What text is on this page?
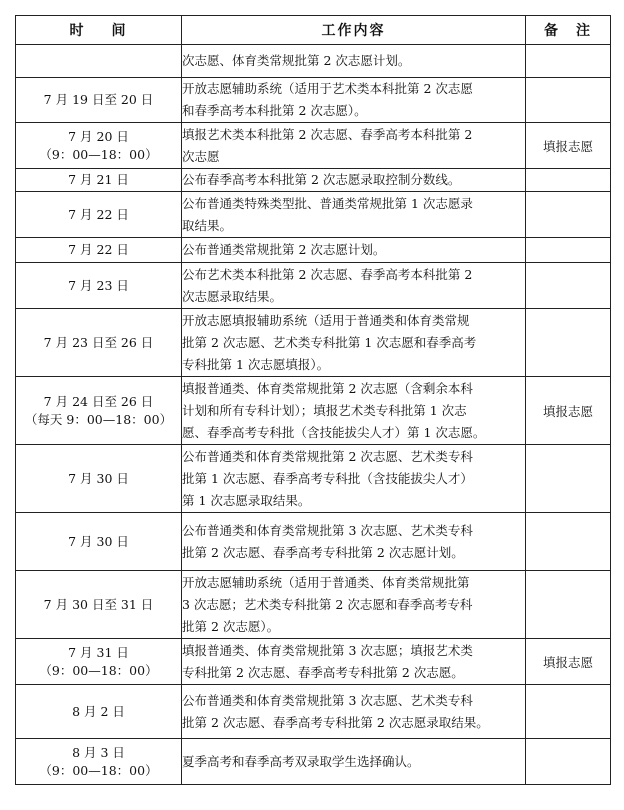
时 间	工作内容	备　注

	次志愿、体育类常规批第 2 次志愿计划。	

7 月 19 日至 20 日	开放志愿辅助系统（适用于艺术类本科批第 2 次志愿
和春季高考本科批第 2 次志愿）。	

7 月 20 日
（9：00—18：00）	填报艺术类本科批第 2 次志愿、春季高考本科批第 2
次志愿	填报志愿

7 月 21 日	公布春季高考本科批第 2 次志愿录取控制分数线。	

7 月 22 日	公布普通类特殊类型批、普通类常规批第 1 次志愿录
取结果。	

7 月 22 日	公布普通类常规批第 2 次志愿计划。	

7 月 23 日	公布艺术类本科批第 2 次志愿、春季高考本科批第 2
次志愿录取结果。	

7 月 23 日至 26 日	开放志愿填报辅助系统（适用于普通类和体育类常规
批第 2 次志愿、艺术类专科批第 1 次志愿和春季高考
专科批第 1 次志愿填报）。	

7 月 24 日至 26 日
（每天 9：00—18：00）	填报普通类、体育类常规批第 2 次志愿（含剩余本科
计划和所有专科计划）；填报艺术类专科批第 1 次志
愿、春季高考专科批（含技能拔尖人才）第 1 次志愿。	填报志愿

7 月 30 日	公布普通类和体育类常规批第 2 次志愿、艺术类专科
批第 1 次志愿、春季高考专科批（含技能拔尖人才）
第 1 次志愿录取结果。	

7 月 30 日	公布普通类和体育类常规批第 3 次志愿、艺术类专科
批第 2 次志愿、春季高考专科批第 2 次志愿计划。	

7 月 30 日至 31 日	开放志愿辅助系统（适用于普通类、体育类常规批第
3 次志愿；艺术类专科批第 2 次志愿和春季高考专科
批第 2 次志愿）。	

7 月 31 日
（9：00—18：00）	填报普通类、体育类常规批第 3 次志愿；填报艺术类
专科批第 2 次志愿、春季高考专科批第 2 次志愿。	填报志愿

8 月 2 日	公布普通类和体育类常规批第 3 次志愿、艺术类专科
批第 2 次志愿、春季高考专科批第 2 次志愿录取结果。	

8 月 3 日
（9：00—18：00）	夏季高考和春季高考双录取学生选择确认。	
